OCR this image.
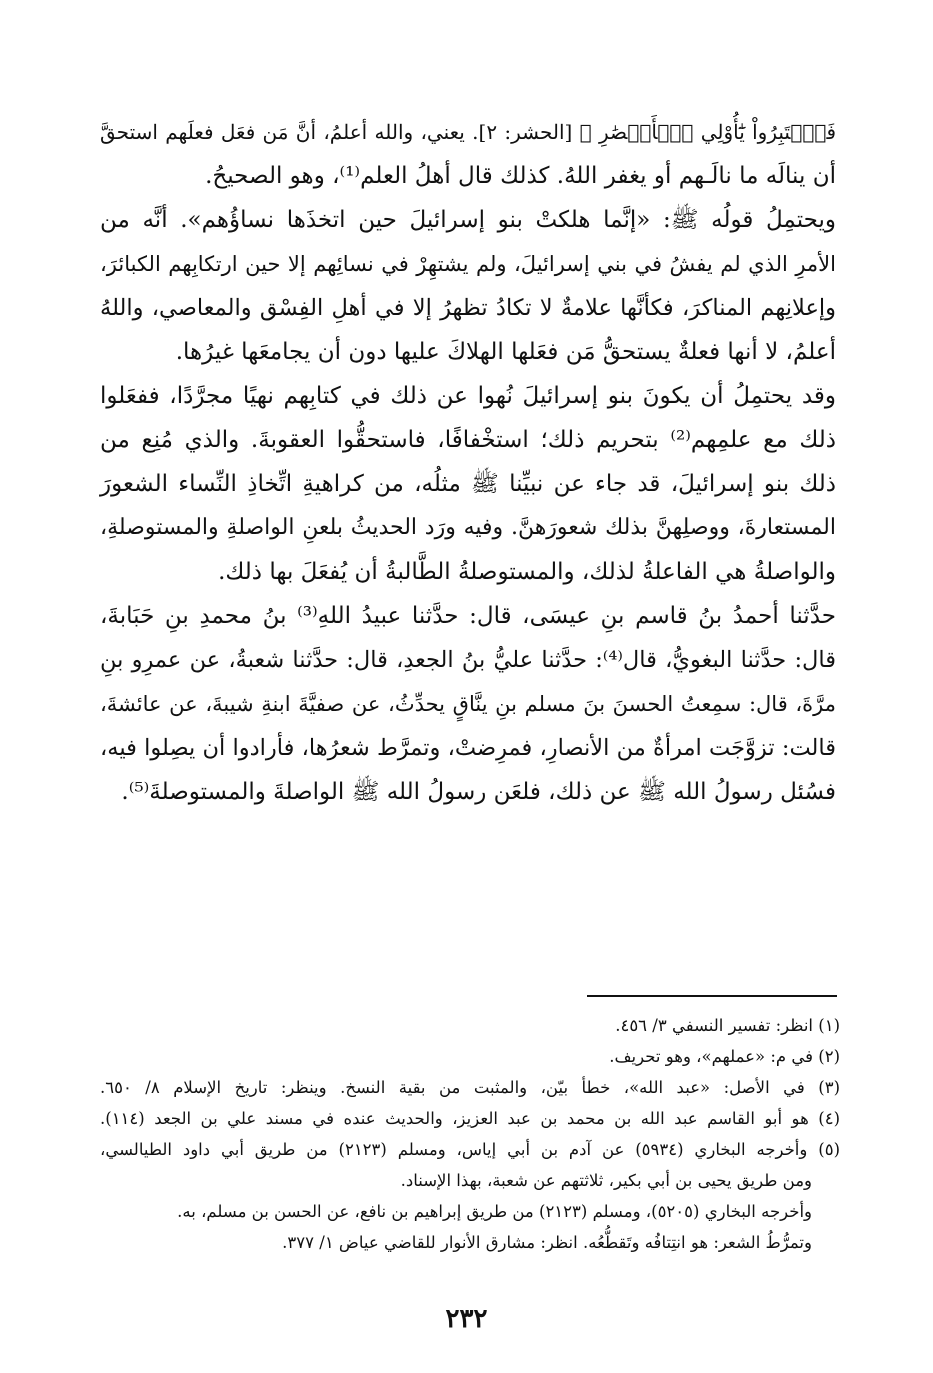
فَٱعۡتَبِرُواْ يَٰٓأُوْلِي ٱلۡأَبۡصَٰرِ ﴾ [الحشر: ٢]. يعني، والله أعلمُ، أنَّ مَن فعَل فعلَهم استحقَّ
أن ينالَه ما نالَـهم أو يغفر اللهُ. كذلك قال أهلُ العلم⁽¹⁾، وهو الصحيحُ.
ويحتمِلُ قولُه ﷺ: «إنَّما هلكتْ بنو إسرائيلَ حين اتخذَها نساؤُهم». أنَّه من
الأمرِ الذي لم يفشُ في بني إسرائيلَ، ولم يشتهِرْ في نسائِهم إلا حين ارتكابِهم الكبائرَ،
وإعلانِهم المناكرَ، فكأنَّها علامةٌ لا تكادُ تظهرُ إلا في أهلِ الفِسْق والمعاصي، واللهُ
أعلمُ، لا أنها فعلةٌ يستحقُّ مَن فعَلها الهلاكَ عليها دون أن يجامعَها غيرُها.
وقد يحتمِلُ أن يكونَ بنو إسرائيلَ نُهوا عن ذلك في كتابِهم نهيًا مجرَّدًا، ففعَلوا
ذلك مع علمِهم⁽²⁾ بتحريم ذلك؛ استخْفافًا، فاستحقُّوا العقوبةَ. والذي مُنِع من
ذلك بنو إسرائيلَ، قد جاء عن نبيِّنا ﷺ مثلُه، من كراهيةِ اتِّخاذِ النِّساء الشعورَ
المستعارةَ، ووصلِهنَّ بذلك شعورَهنَّ. وفيه ورَد الحديثُ بلعنِ الواصلةِ والمستوصلةِ،
والواصلةُ هي الفاعلةُ لذلك، والمستوصلةُ الطَّالبةُ أن يُفعَلَ بها ذلك.
حدَّثنا أحمدُ بنُ قاسم بنِ عيسَى، قال: حدَّثنا عبيدُ اللهِ⁽³⁾ بنُ محمدِ بنِ حَبَابةَ،
قال: حدَّثنا البغويُّ، قال⁽⁴⁾: حدَّثنا عليُّ بنُ الجعدِ، قال: حدَّثنا شعبةُ، عن عمرِو بنِ
مرَّةَ، قال: سمِعتُ الحسنَ بنَ مسلم بنِ ينَّاقٍ يحدِّثُ، عن صفيَّةَ ابنةِ شيبةَ، عن عائشةَ،
قالت: تزوَّجَت امرأةٌ من الأنصارِ، فمرِضتْ، وتمرَّط شعرُها، فأرادوا أن يصِلوا فيه،
فسُئل رسولُ الله ﷺ عن ذلك، فلعَن رسولُ الله ﷺ الواصلةَ والمستوصلةَ⁽⁵⁾.
(١) انظر: تفسير النسفي ٣/ ٤٥٦.
(٢) في م: «عملهم»، وهو تحريف.
(٣) في الأصل: «عبد الله»، خطأ بيّن، والمثبت من بقية النسخ. وينظر: تاريخ الإسلام ٨/ ٦٥٠.
(٤) هو أبو القاسم عبد الله بن محمد بن عبد العزيز، والحديث عنده في مسند علي بن الجعد (١١٤).
(٥) وأخرجه البخاري (٥٩٣٤) عن آدم بن أبي إياس، ومسلم (٢١٢٣) من طريق أبي داود الطيالسي،
ومن طريق يحيى بن أبي بكير، ثلاثتهم عن شعبة، بهذا الإسناد.
وأخرجه البخاري (٥٢٠٥)، ومسلم (٢١٢٣) من طريق إبراهيم بن نافع، عن الحسن بن مسلم، به.
وتمرُّطُ الشعر: هو انتِتافُه وتَقطُّعُه. انظر: مشارق الأنوار للقاضي عياض ١/ ٣٧٧.
٢٣٢
